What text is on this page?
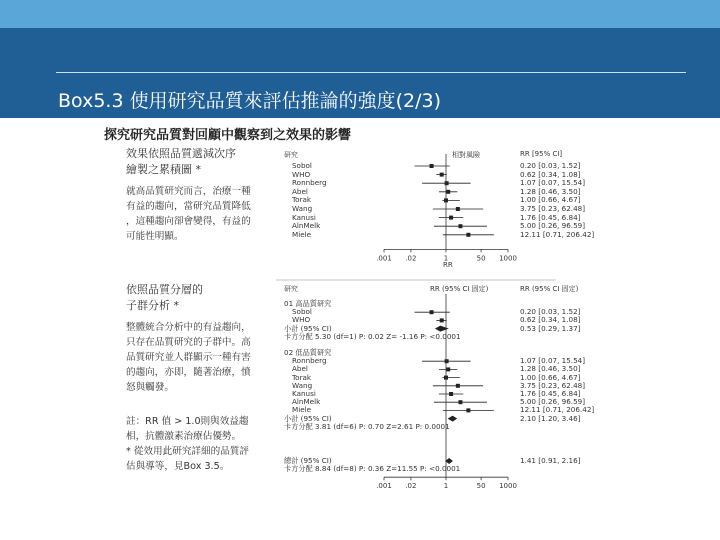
Box5.3 使用研究品質來評估推論的強度(2/3)
探究研究品質對回顧中觀察到之效果的影響
效果依照品質遞減次序
繪製之累積圖 *
就高品質研究而言，治療一種
有益的趨向，當研究品質降低
，這種趨向卻會變得，有益的
可能性明顯。
依照品質分層的
子群分析 *
整體統合分析中的有益趨向，
只存在品質研究的子群中。高
品質研究並人群顯示一種有害
的趨向，亦即，隨著治療，憤
怒與觸發。
註：RR 值 > 1.0則與效益趨
相，抗體激素治療佔優勢。
* 從效用此研究詳細的品質評
估與導等，見Box 3.5。
研究	相對風險	RR [95% CI]
.001 .02	1	50 1000
研究	RR (95% CI 固定)	RR (95% CI 固定)
.001 .02	1	50 1000
Sobol	0.20 [0.03, 1.52]
WHO	0.62 [0.34, 1.08]
Ronnberg	1.07 [0.07, 15.54]
Abel	1.28 [0.46, 3.50]
Torak	1.00 [0.66, 4.67]
Wang	3.75 [0.23, 62.48]
Kanusi	1.76 [0.45, 6.84]
AlnMelk	5.00 [0.26, 96.59]
Miele	12.11 [0.71, 206.42]
RR
01 高品質研究
Sobol	0.20 [0.03, 1.52]
WHO	0.62 [0.34, 1.08]
小計 (95% CI)	0.53 [0.29, 1.37]
卡方分配 5.30 (df=1) P: 0.02 Z= -1.16 P: <0.0001
02 低品質研究
Ronnberg	1.07 [0.07, 15.54]
Abel	1.28 [0.46, 3.50]
Torak	1.00 [0.66, 4.67]
Wang	3.75 [0.23, 62.48]
Kanusi	1.76 [0.45, 6.84]
AlnMelk	5.00 [0.26, 96.59]
Miele	12.11 [0.71, 206.42]
小計 (95% CI)	2.10 [1.20, 3.46]
卡方分配 3.81 (df=6) P: 0.70 Z=2.61 P: 0.0001
總計 (95% CI)	1.41 [0.91, 2.16]
卡方分配 8.84 (df=8) P: 0.36 Z=11.55 P: <0.0001
